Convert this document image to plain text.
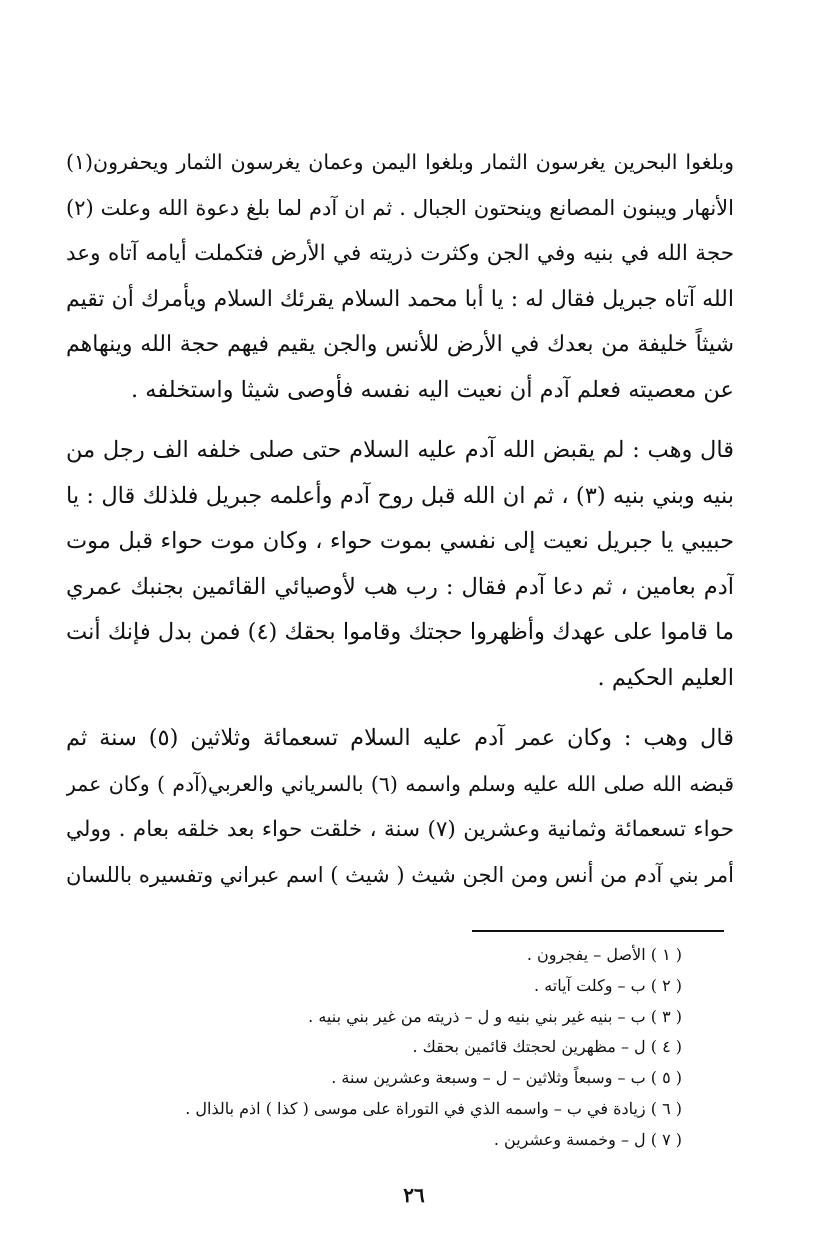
وبلغوا البحرين يغرسون الثمار وبلغوا اليمن وعمان يغرسون الثمار ويحفرون(١)
الأنهار ويبنون المصانع وينحتون الجبال . ثم ان آدم لما بلغ دعوة الله وعلت (٢)
حجة الله في بنيه وفي الجن وكثرت ذريته في الأرض فتكملت أيامه آتاه وعد
الله آتاه جبريل فقال له : يا أبا محمد السلام يقرئك السلام ويأمرك أن تقيم
شيثاً خليفة من بعدك في الأرض للأنس والجن يقيم فيهم حجة الله وينهاهم
عن معصيته فعلم آدم أن نعيت اليه نفسه فأوصى شيثا واستخلفه .
قال وهب : لم يقبض الله آدم عليه السلام حتى صلى خلفه الف رجل من
بنيه وبني بنيه (٣) ، ثم ان الله قبل روح آدم وأعلمه جبريل فلذلك قال : يا
حبيبي يا جبريل نعيت إلى نفسي بموت حواء ، وكان موت حواء قبل موت
آدم بعامين ، ثم دعا آدم فقال : رب هب لأوصيائي القائمين بجنبك عمري
ما قاموا على عهدك وأظهروا حجتك وقاموا بحقك (٤) فمن بدل فإنك أنت
العليم الحكيم .
قال وهب : وكان عمر آدم عليه السلام تسعمائة وثلاثين (٥) سنة ثم
قبضه الله صلى الله عليه وسلم واسمه (٦) بالسرياني والعربي(آدم ) وكان عمر
حواء تسعمائة وثمانية وعشرين (٧) سنة ، خلقت حواء بعد خلقه بعام . وولي
أمر بني آدم من أنس ومن الجن شيث ( شيث ) اسم عبراني وتفسيره باللسان
( ١ ) الأصل – يفجرون .
( ٢ ) ب – وكلت آياته .
( ٣ ) ب – بنيه غير بني بنيه و ل – ذريته من غير بني بنيه .
( ٤ ) ل – مظهرين لحجتك قائمين بحقك .
( ٥ ) ب – وسبعاً وثلاثين – ل – وسبعة وعشرين سنة .
( ٦ ) زيادة في ب – واسمه الذي في التوراة على موسى ( كذا ) اذم بالذال .
( ٧ ) ل – وخمسة وعشرين .
٢٦
